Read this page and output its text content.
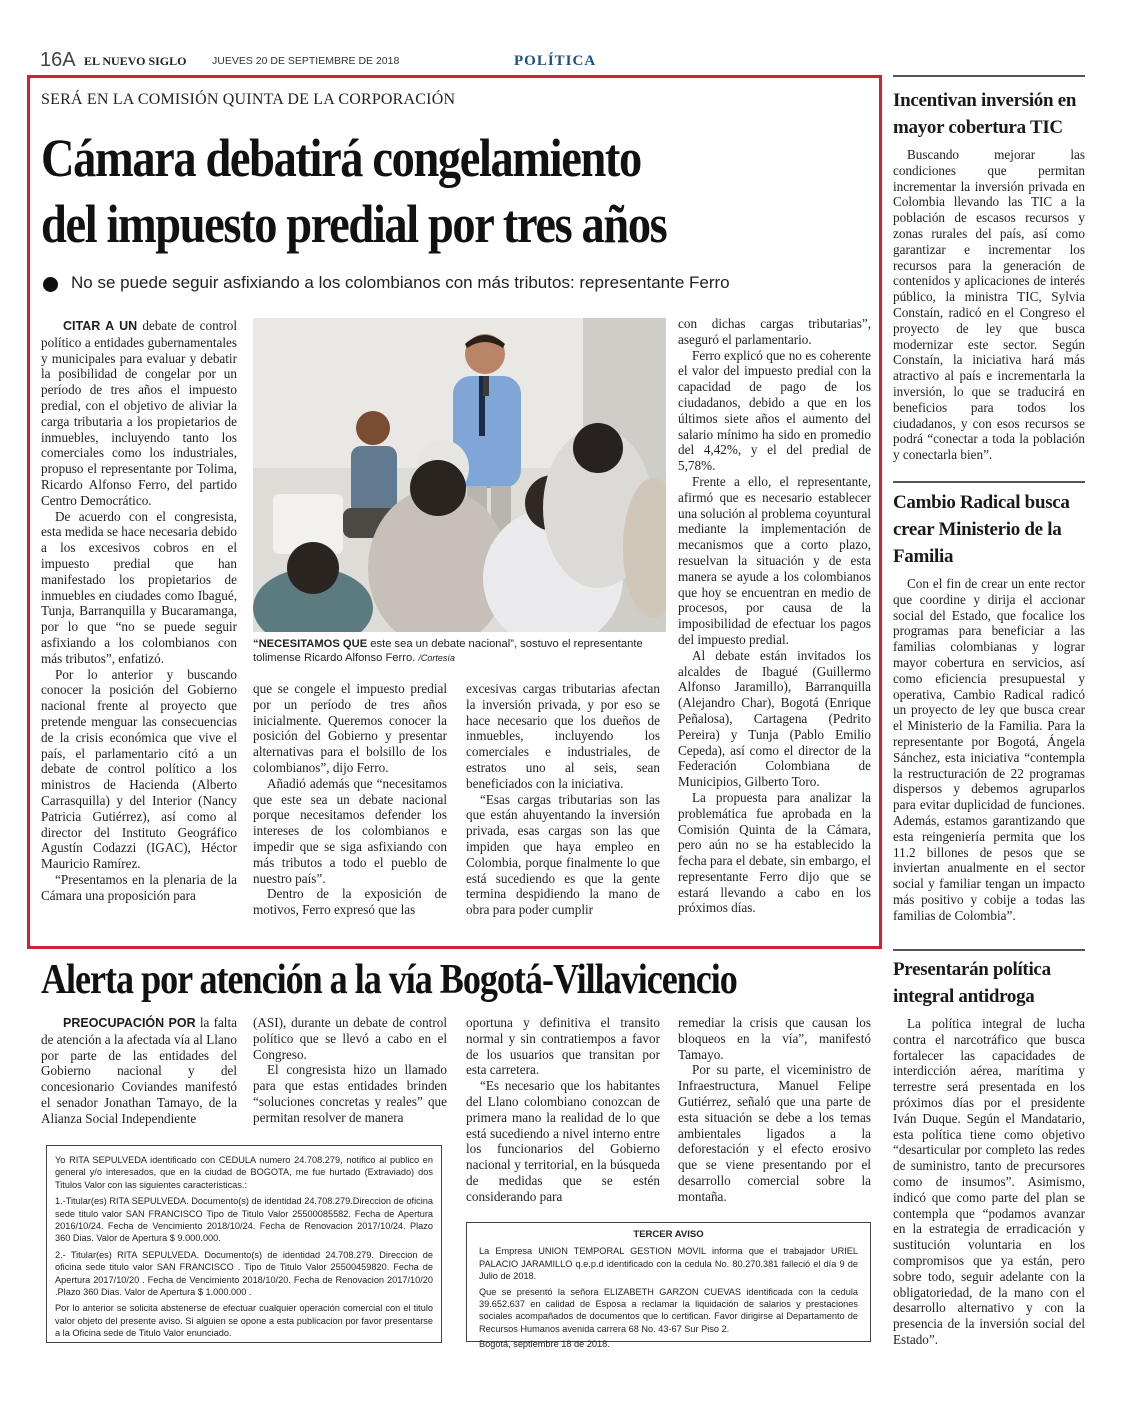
16A EL NUEVO SIGLO JUEVES 20 DE SEPTIEMBRE DE 2018	POLÍTICA
SERÁ EN LA COMISIÓN QUINTA DE LA CORPORACIÓN
Cámara debatirá congelamiento
del impuesto predial por tres años
No se puede seguir asfixiando a los colombianos con más tributos: representante Ferro

CITAR A UN debate de control político a entidades gubernamentales y municipales para evaluar y debatir la posibilidad de congelar por un período de tres años el impuesto predial, con el objetivo de aliviar la carga tributaria a los propietarios de inmuebles, incluyendo tanto los comerciales como los industriales, propuso el representante por Tolima, Ricardo Alfonso Ferro, del partido Centro Democrático.

De acuerdo con el congresista, esta medida se hace necesaria debido a los excesivos cobros en el impuesto predial que han manifestado los propietarios de inmuebles en ciudades como Ibagué, Tunja, Barranquilla y Bucaramanga, por lo que “no se puede seguir asfixiando a los colombianos con más tributos”, enfatizó.

Por lo anterior y buscando conocer la posición del Gobierno nacional frente al proyecto que pretende menguar las consecuencias de la crisis económica que vive el país, el parlamentario citó a un debate de control político a los ministros de Hacienda (Alberto Carrasquilla) y del Interior (Nancy Patricia Gutiérrez), así como al director del Instituto Geográfico Agustín Codazzi (IGAC), Héctor Mauricio Ramírez.

“Presentamos en la plenaria de la Cámara una proposición para

“NECESITAMOS QUE este sea un debate nacional”, sostuvo el representante tolimense Ricardo Alfonso Ferro. /Cortesía

que se congele el impuesto predial por un período de tres años inicialmente. Queremos conocer la posición del Gobierno y presentar alternativas para el bolsillo de los colombianos”, dijo Ferro.

Añadió además que “necesitamos que este sea un debate nacional porque necesitamos defender los intereses de los colombianos e impedir que se siga asfixiando con más tributos a todo el pueblo de nuestro país”.

Dentro de la exposición de motivos, Ferro expresó que las

excesivas cargas tributarias afectan la inversión privada, y por eso se hace necesario que los dueños de inmuebles, incluyendo los comerciales e industriales, de estratos uno al seis, sean beneficiados con la iniciativa.

“Esas cargas tributarias son las que están ahuyentando la inversión privada, esas cargas son las que impiden que haya empleo en Colombia, porque finalmente lo que está sucediendo es que la gente termina despidiendo la mano de obra para poder cumplir

con dichas cargas tributarias”, aseguró el parlamentario.

Ferro explicó que no es coherente el valor del impuesto predial con la capacidad de pago de los ciudadanos, debido a que en los últimos siete años el aumento del salario mínimo ha sido en promedio del 4,42%, y el del predial de 5,78%.

Frente a ello, el representante, afirmó que es necesario establecer una solución al problema coyuntural mediante la implementación de mecanismos que a corto plazo, resuelvan la situación y de esta manera se ayude a los colombianos que hoy se encuentran en medio de procesos, por causa de la imposibilidad de efectuar los pagos del impuesto predial.

Al debate están invitados los alcaldes de Ibagué (Guillermo Alfonso Jaramillo), Barranquilla (Alejandro Char), Bogotá (Enrique Peñalosa), Cartagena (Pedrito Pereira) y Tunja (Pablo Emilio Cepeda), así como el director de la Federación Colombiana de Municipios, Gilberto Toro.

La propuesta para analizar la problemática fue aprobada en la Comisión Quinta de la Cámara, pero aún no se ha establecido la fecha para el debate, sin embargo, el representante Ferro dijo que se estará llevando a cabo en los próximos días.

Alerta por atención a la vía Bogotá-Villavicencio

PREOCUPACIÓN POR la falta de atención a la afectada vía al Llano por parte de las entidades del Gobierno nacional y del concesionario Coviandes manifestó el senador Jonathan Tamayo, de la Alianza Social Independiente

(ASI), durante un debate de control político que se llevó a cabo en el Congreso.

El congresista hizo un llamado para que estas entidades brinden “soluciones concretas y reales” que permitan resolver de manera

oportuna y definitiva el transito normal y sin contratiempos a favor de los usuarios que transitan por esta carretera.

“Es necesario que los habitantes del Llano colombiano conozcan de primera mano la realidad de lo que está sucediendo a nivel interno entre los funcionarios del Gobierno nacional y territorial, en la búsqueda de medidas que se estén considerando para

remediar la crisis que causan los bloqueos en la vía”, manifestó Tamayo.

Por su parte, el viceministro de Infraestructura, Manuel Felipe Gutiérrez, señaló que una parte de esta situación se debe a los temas ambientales ligados a la deforestación y el efecto erosivo que se viene presentando por el desarrollo comercial sobre la montaña.

Yo RITA SEPULVEDA identificado con CEDULA numero 24.708.279, notifico al publico en general y/o interesados, que en la ciudad de BOGOTA, me fue hurtado (Extraviado) dos Titulos Valor con las siguientes caracteristicas.:

1.-Titular(es) RITA SEPULVEDA. Documento(s) de identidad 24.708.279.Direccion de oficina sede titulo valor SAN FRANCISCO Tipo de Titulo Valor 25500085582. Fecha de Apertura 2016/10/24. Fecha de Vencimiento 2018/10/24. Fecha de Renovacion 2017/10/24. Plazo 360 Dias. Valor de Apertura $ 9.000.000.

2.- Titular(es) RITA SEPULVEDA. Documento(s) de identidad 24.708.279. Direccion de oficina sede titulo valor SAN FRANCISCO . Tipo de Titulo Valor 25500459820. Fecha de Apertura 2017/10/20 . Fecha de Vencimiento 2018/10/20. Fecha de Renovacion 2017/10/20 .Plazo 360 Dias. Valor de Apertura $ 1.000.000 .

Por lo anterior se solicita abstenerse de efectuar cualquier operación comercial con el titulo valor objeto del presente aviso. Si alguien se opone a esta publicacion por favor presentarse a la Oficina sede de Titulo Valor enunciado.

TERCER AVISO

La Empresa UNION TEMPORAL GESTION MOVIL informa que el trabajador URIEL PALACIO JARAMILLO q.e.p.d identificado con la cedula No. 80.270.381 falleció el día 9 de Julio de 2018.

Que se presentó la señora ELIZABETH GARZON CUEVAS identificada con la cedula 39.652.637 en calidad de Esposa a reclamar la liquidación de salarios y prestaciones sociales acompañados de documentos que lo certifican. Favor dirigirse al Departamento de Recursos Humanos avenida carrera 68 No. 43-67 Sur Piso 2.

Bogotá, septiembre 18 de 2018.

Incentivan inversión en mayor cobertura TIC

Buscando mejorar las condiciones que permitan incrementar la inversión privada en Colombia llevando las TIC a la población de escasos recursos y zonas rurales del país, así como garantizar e incrementar los recursos para la generación de contenidos y aplicaciones de interés público, la ministra TIC, Sylvia Constaín, radicó en el Congreso el proyecto de ley que busca modernizar este sector. Según Constaín, la iniciativa hará más atractivo al país e incrementarla la inversión, lo que se traducirá en beneficios para todos los ciudadanos, y con esos recursos se podrá “conectar a toda la población y conectarla bien”.

Cambio Radical busca crear Ministerio de la Familia

Con el fin de crear un ente rector que coordine y dirija el accionar social del Estado, que focalice los programas para beneficiar a las familias colombianas y lograr mayor cobertura en servicios, así como eficiencia presupuestal y operativa, Cambio Radical radicó un proyecto de ley que busca crear el Ministerio de la Familia. Para la representante por Bogotá, Ángela Sánchez, esta iniciativa “contempla la restructuración de 22 programas dispersos y debemos agruparlos para evitar duplicidad de funciones. Además, estamos garantizando que esta reingeniería permita que los 11.2 billones de pesos que se inviertan anualmente en el sector social y familiar tengan un impacto más positivo y cobije a todas las familias de Colombia”.

Presentarán política integral antidroga

La política integral de lucha contra el narcotráfico que busca fortalecer las capacidades de interdicción aérea, marítima y terrestre será presentada en los próximos días por el presidente Iván Duque. Según el Mandatario, esta política tiene como objetivo “desarticular por completo las redes de suministro, tanto de precursores como de insumos”. Asimismo, indicó que como parte del plan se contempla que “podamos avanzar en la estrategia de erradicación y sustitución voluntaria en los compromisos que ya están, pero sobre todo, seguir adelante con la obligatoriedad, de la mano con el desarrollo alternativo y con la presencia de la inversión social del Estado”.
